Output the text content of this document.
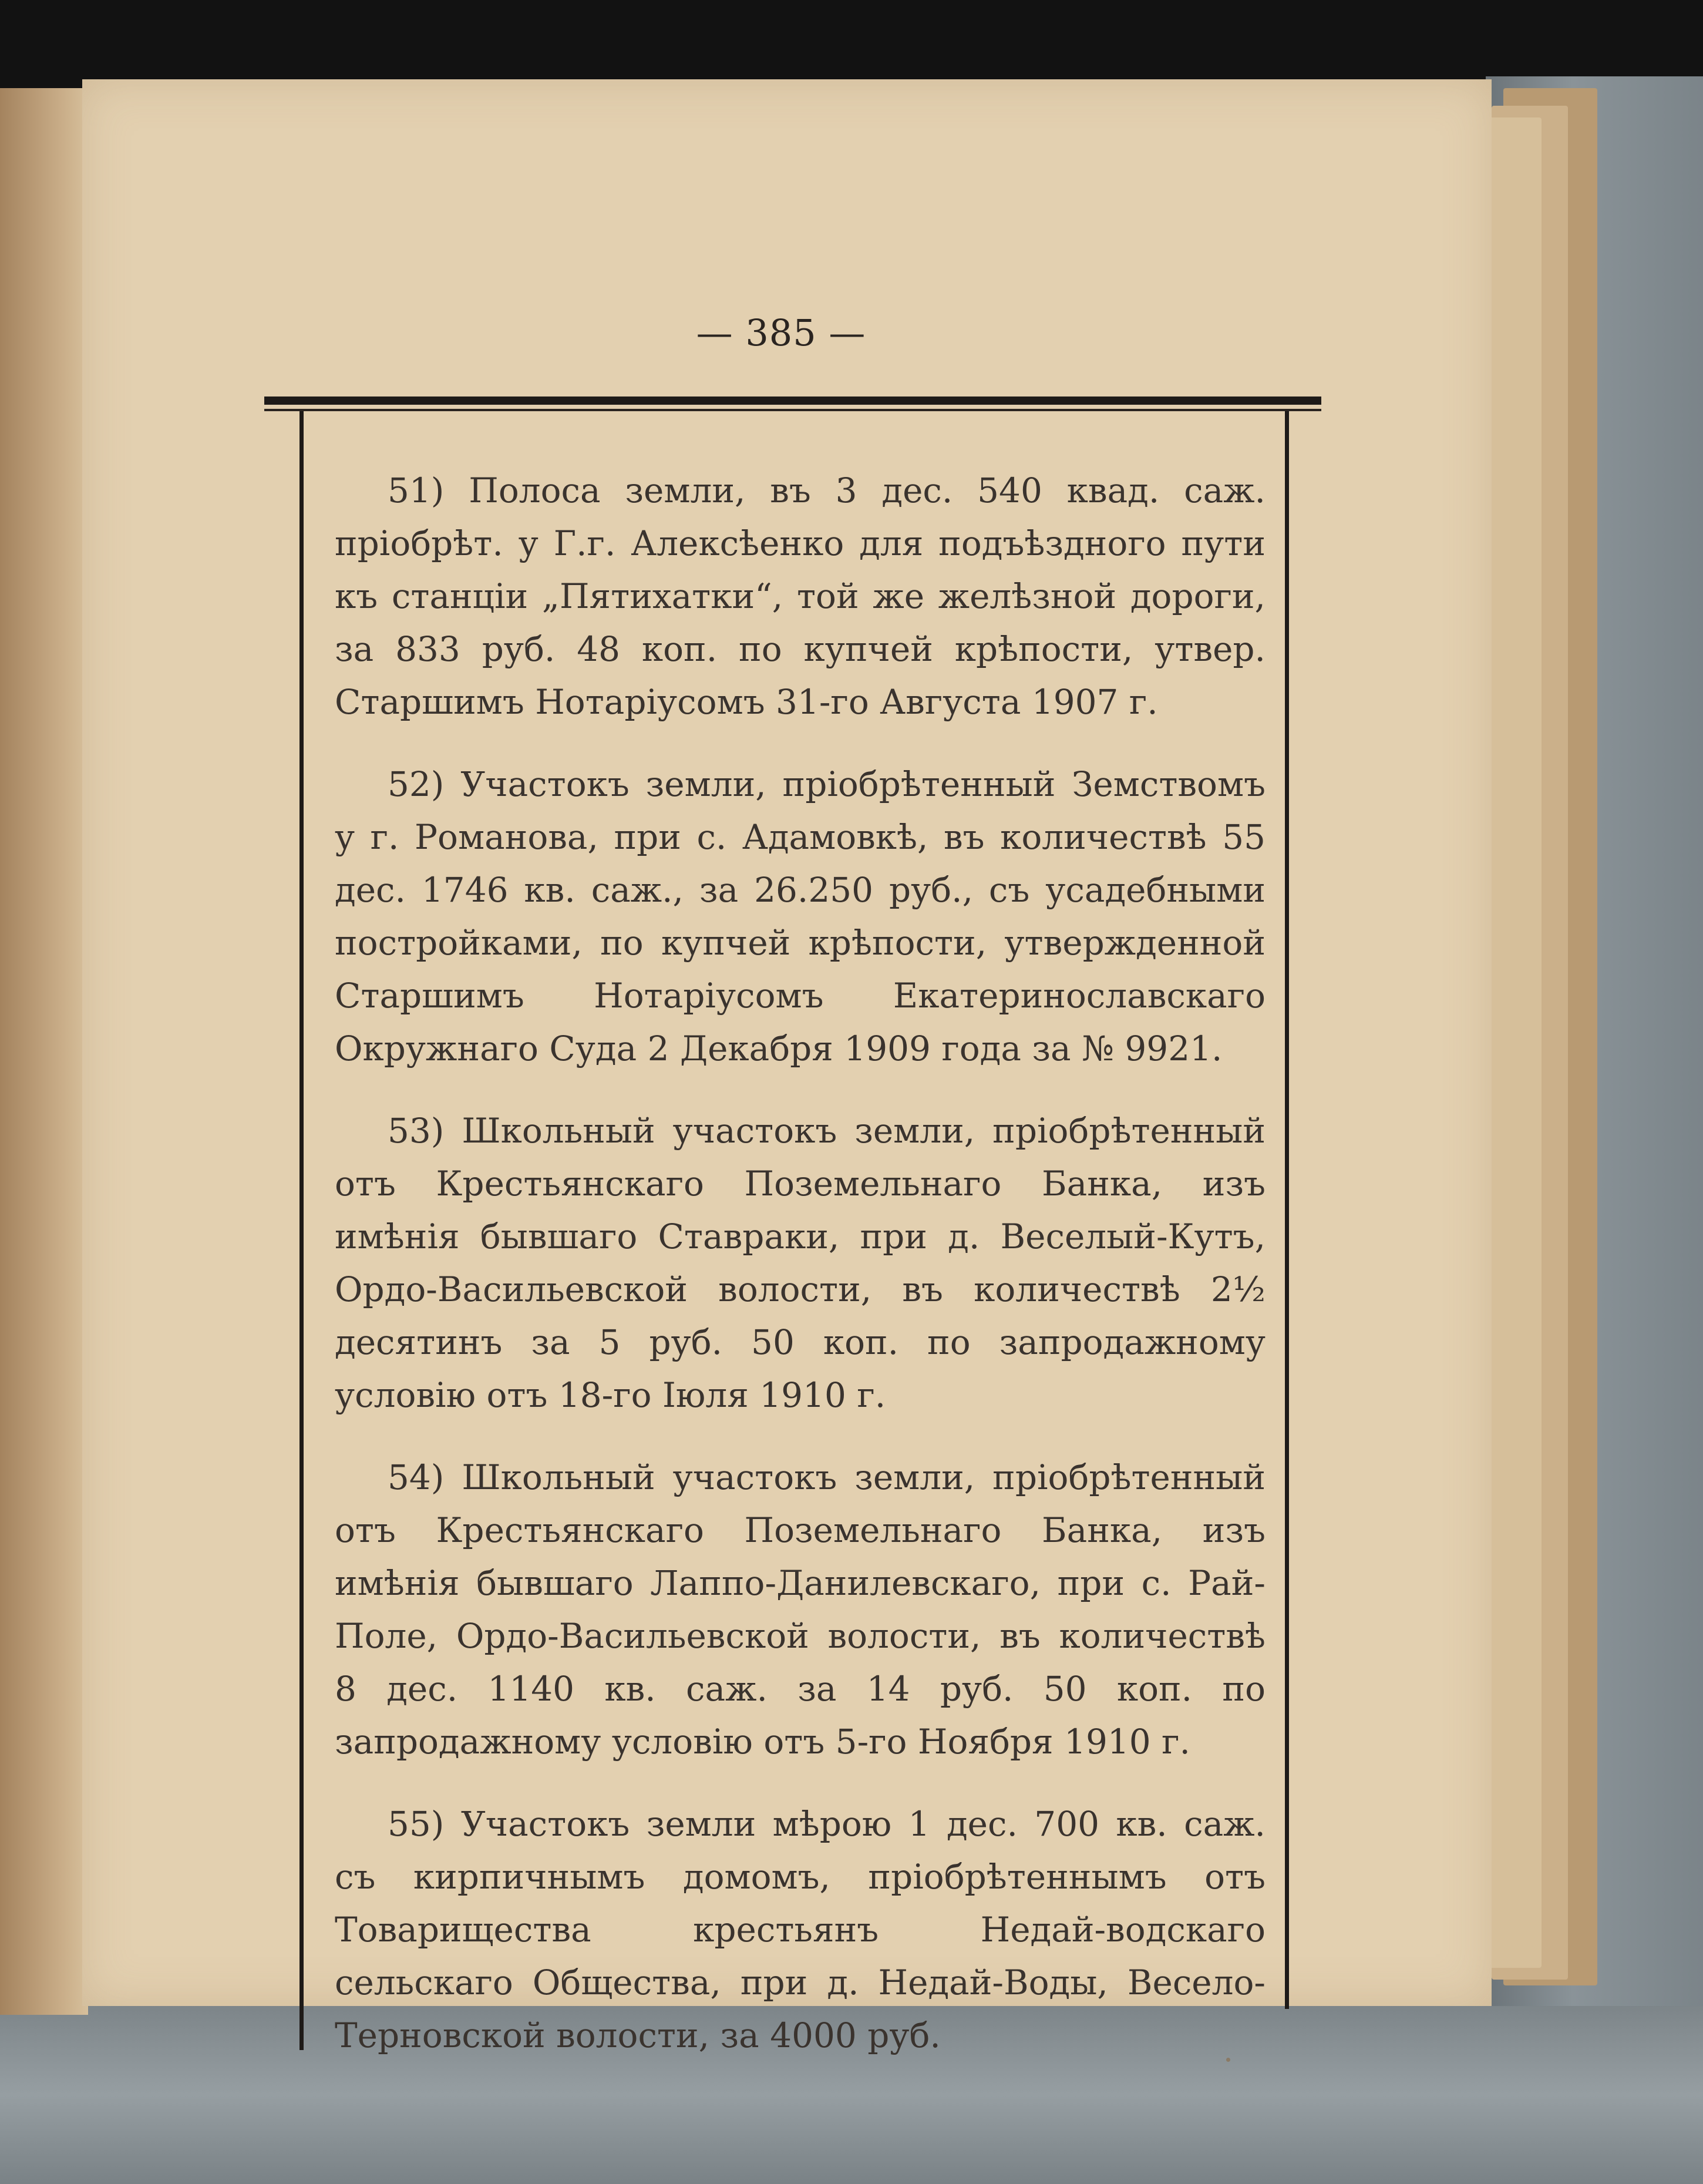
— 385 —

51) Полоса земли, въ 3 дес. 540 квад. саж. пріобрѣт. у Г.г. Алексѣенко для подъѣздного пути къ станціи „Пятихатки“, той же желѣзной дороги, за 833 руб. 48 коп. по купчей крѣпости, утвер. Старшимъ Нотаріусомъ 31-го Августа 1907 г.

52) Участокъ земли, пріобрѣтенный Земствомъ у г. Романова, при с. Адамовкѣ, въ количествѣ 55 дес. 1746 кв. саж., за 26.250 руб., съ усадебными постройками, по купчей крѣпости, утвержденной Старшимъ Нотаріусомъ Екатеринославскаго Окружнаго Суда 2 Декабря 1909 года за № 9921.

53) Школьный участокъ земли, пріобрѣтенный отъ Крестьянскаго Поземельнаго Банка, изъ имѣнія бывшаго Ставраки, при д. Веселый-Кутъ, Ордо-Васильевской волости, въ количествѣ 2½ десятинъ за 5 руб. 50 коп. по запродажному условію отъ 18-го Іюля 1910 г.

54) Школьный участокъ земли, пріобрѣтенный отъ Крестьянскаго Поземельнаго Банка, изъ имѣнія бывшаго Лаппо-Данилевскаго, при с. Рай-Поле, Ордо-Васильевской волости, въ количествѣ 8 дес. 1140 кв. саж. за 14 руб. 50 коп. по запродажному условію отъ 5-го Ноября 1910 г.

55) Участокъ земли мѣрою 1 дес. 700 кв. саж. съ кирпичнымъ домомъ, пріобрѣтеннымъ отъ Товарищества крестьянъ Недай-водскаго сельскаго Общества, при д. Недай-Воды, Весело-Терновской волости, за 4000 руб.
